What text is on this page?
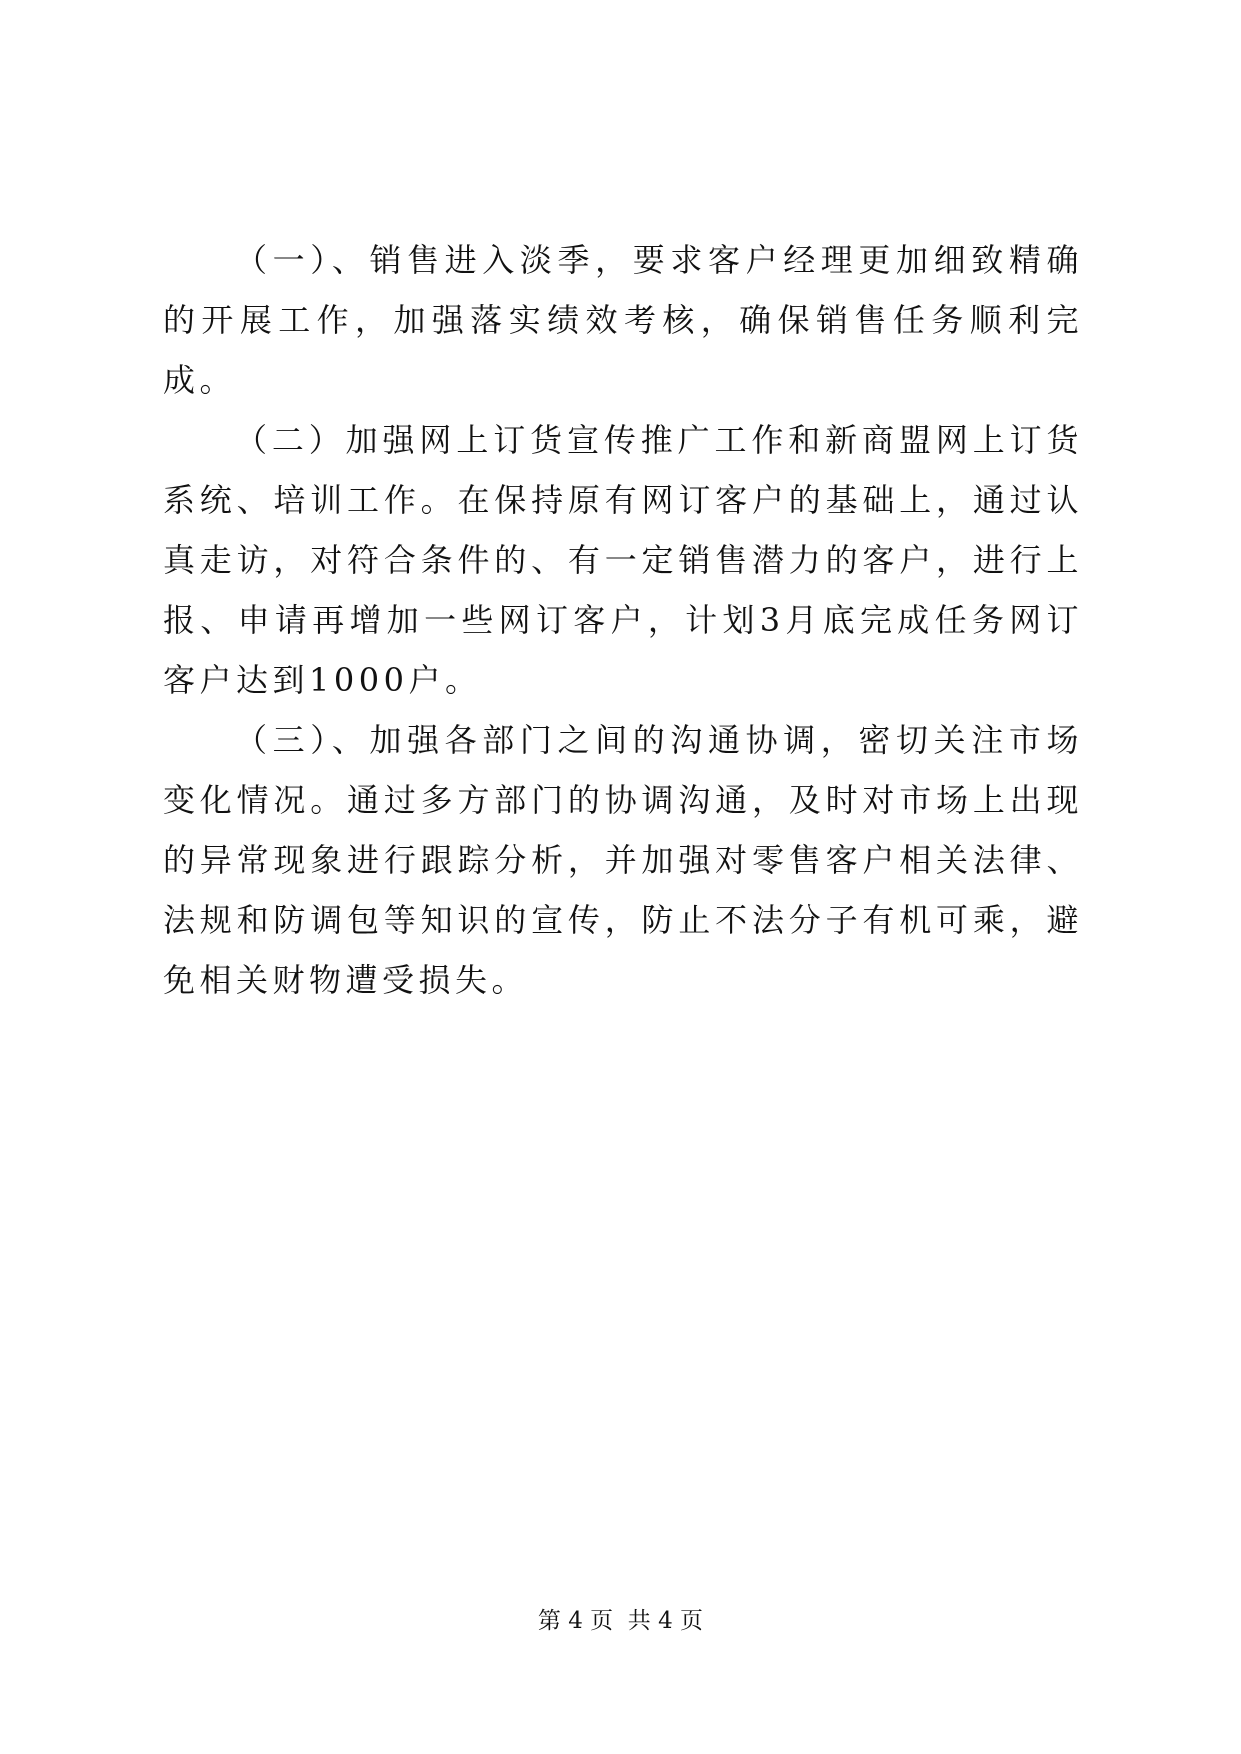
（一）、销售进入淡季，要求客户经理更加细致精确的开展工作，加强落实绩效考核，确保销售任务顺利完成。

（二）加强网上订货宣传推广工作和新商盟网上订货系统、培训工作。在保持原有网订客户的基础上，通过认真走访，对符合条件的、有一定销售潜力的客户，进行上报、申请再增加一些网订客户，计划3月底完成任务网订客户达到1000户。

（三）、加强各部门之间的沟通协调，密切关注市场变化情况。通过多方部门的协调沟通，及时对市场上出现的异常现象进行跟踪分析，并加强对零售客户相关法律、法规和防调包等知识的宣传，防止不法分子有机可乘，避免相关财物遭受损失。

第 4 页  共 4 页
